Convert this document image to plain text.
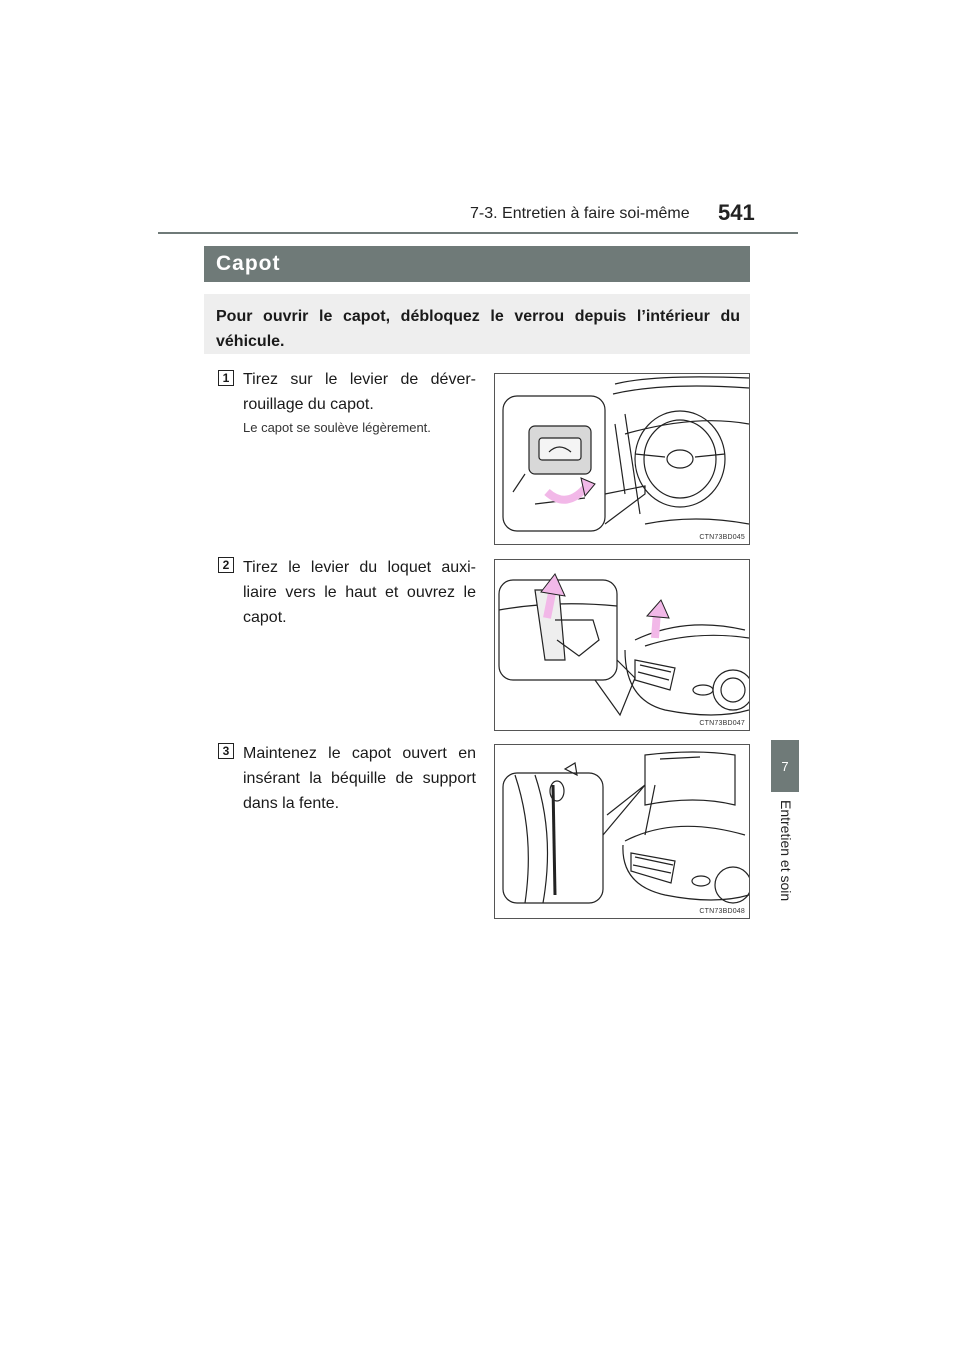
7-3. Entretien à faire soi-même 541
7
Entretien et soin
Capot
Pour ouvrir le capot, débloquez le verrou depuis l’intérieur du véhicule.
1 Tirez sur le levier de déver-rouillage du capot.
Le capot se soulève légèrement.
CTN73BD045
2 Tirez le levier du loquet auxi-liaire vers le haut et ouvrez le capot.
CTN73BD047
3 Maintenez le capot ouvert en insérant la béquille de support dans la fente.
CTN73BD048
